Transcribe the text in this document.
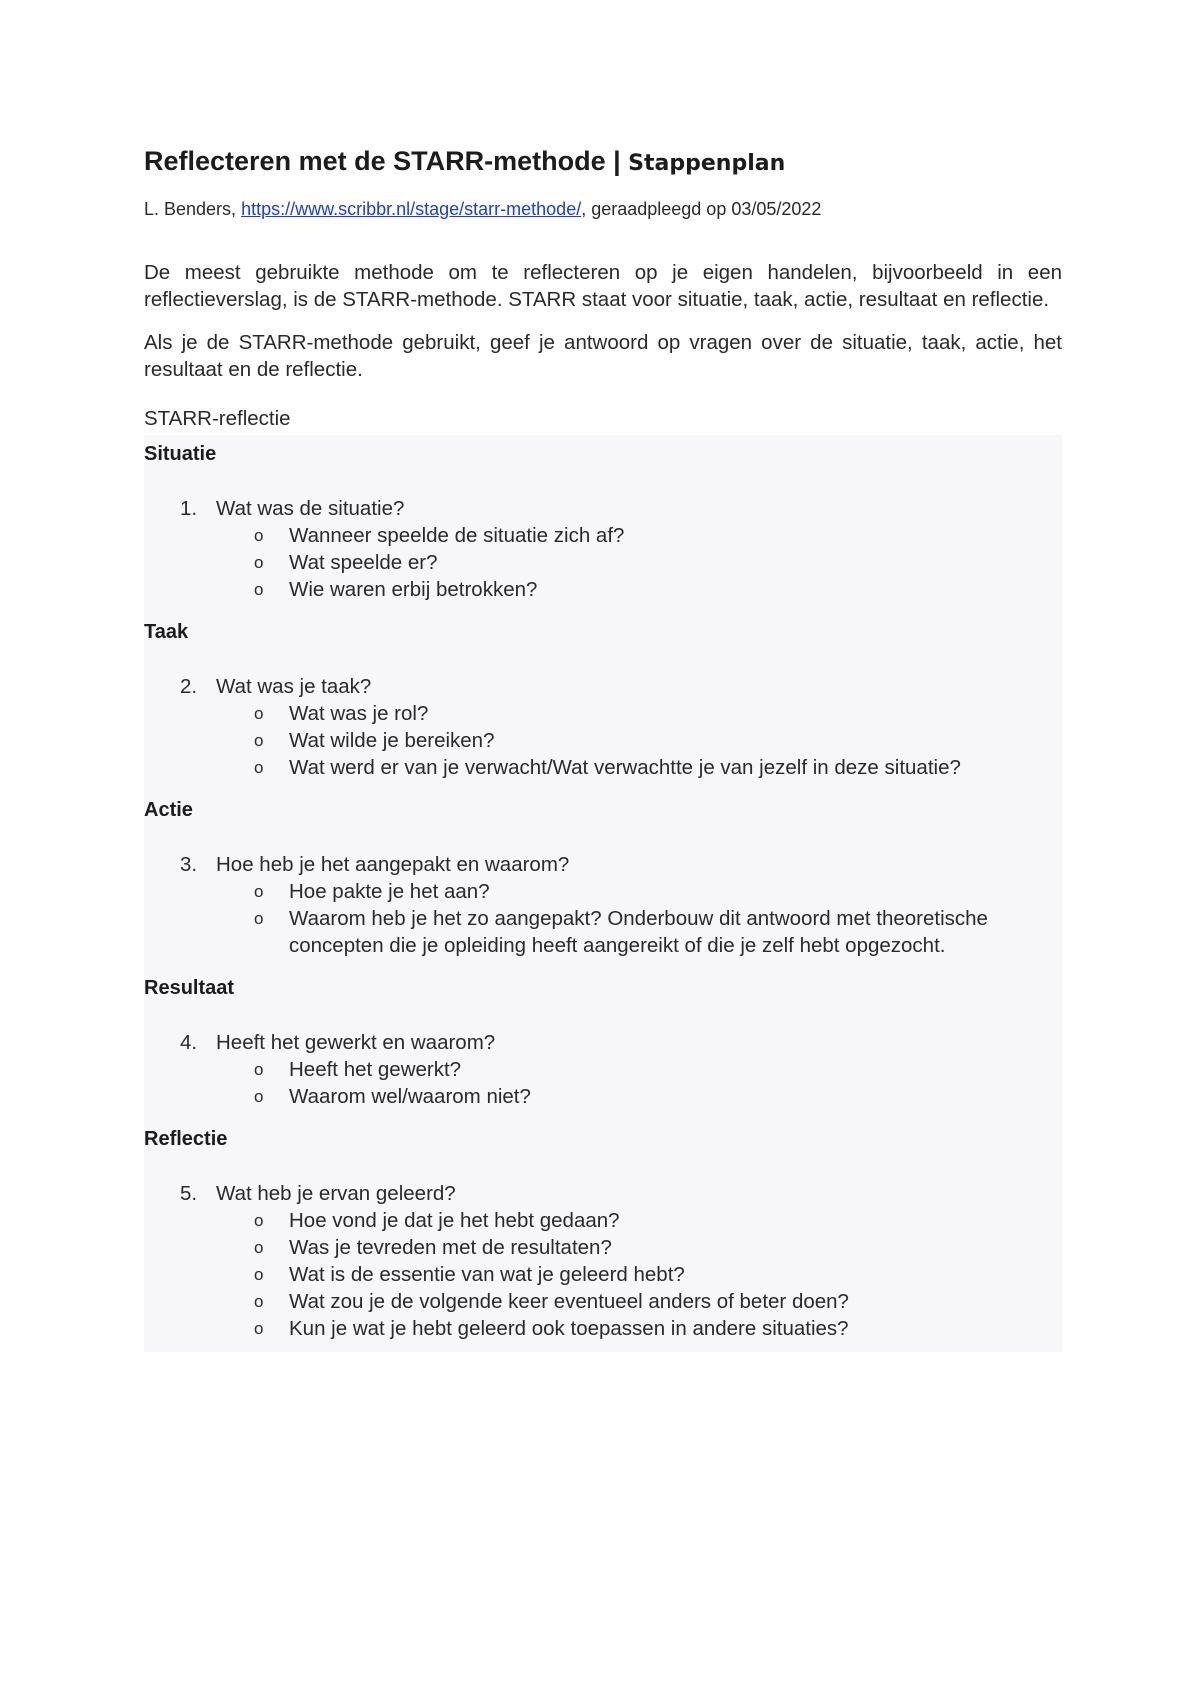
Reflecteren met de STARR-methode | Stappenplan
L. Benders, https://www.scribbr.nl/stage/starr-methode/, geraadpleegd op 03/05/2022

De meest gebruikte methode om te reflecteren op je eigen handelen, bijvoorbeeld in een reflectieverslag, is de STARR-methode. STARR staat voor situatie, taak, actie, resultaat en reflectie.

Als je de STARR-methode gebruikt, geef je antwoord op vragen over de situatie, taak, actie, het resultaat en de reflectie.

STARR-reflectie
Situatie
1. Wat was de situatie?
o Wanneer speelde de situatie zich af?
o Wat speelde er?
o Wie waren erbij betrokken?
Taak
2. Wat was je taak?
o Wat was je rol?
o Wat wilde je bereiken?
o Wat werd er van je verwacht/Wat verwachtte je van jezelf in deze situatie?
Actie
3. Hoe heb je het aangepakt en waarom?
o Hoe pakte je het aan?
o Waarom heb je het zo aangepakt? Onderbouw dit antwoord met theoretische concepten die je opleiding heeft aangereikt of die je zelf hebt opgezocht.
Resultaat
4. Heeft het gewerkt en waarom?
o Heeft het gewerkt?
o Waarom wel/waarom niet?
Reflectie
5. Wat heb je ervan geleerd?
o Hoe vond je dat je het hebt gedaan?
o Was je tevreden met de resultaten?
o Wat is de essentie van wat je geleerd hebt?
o Wat zou je de volgende keer eventueel anders of beter doen?
o Kun je wat je hebt geleerd ook toepassen in andere situaties?
